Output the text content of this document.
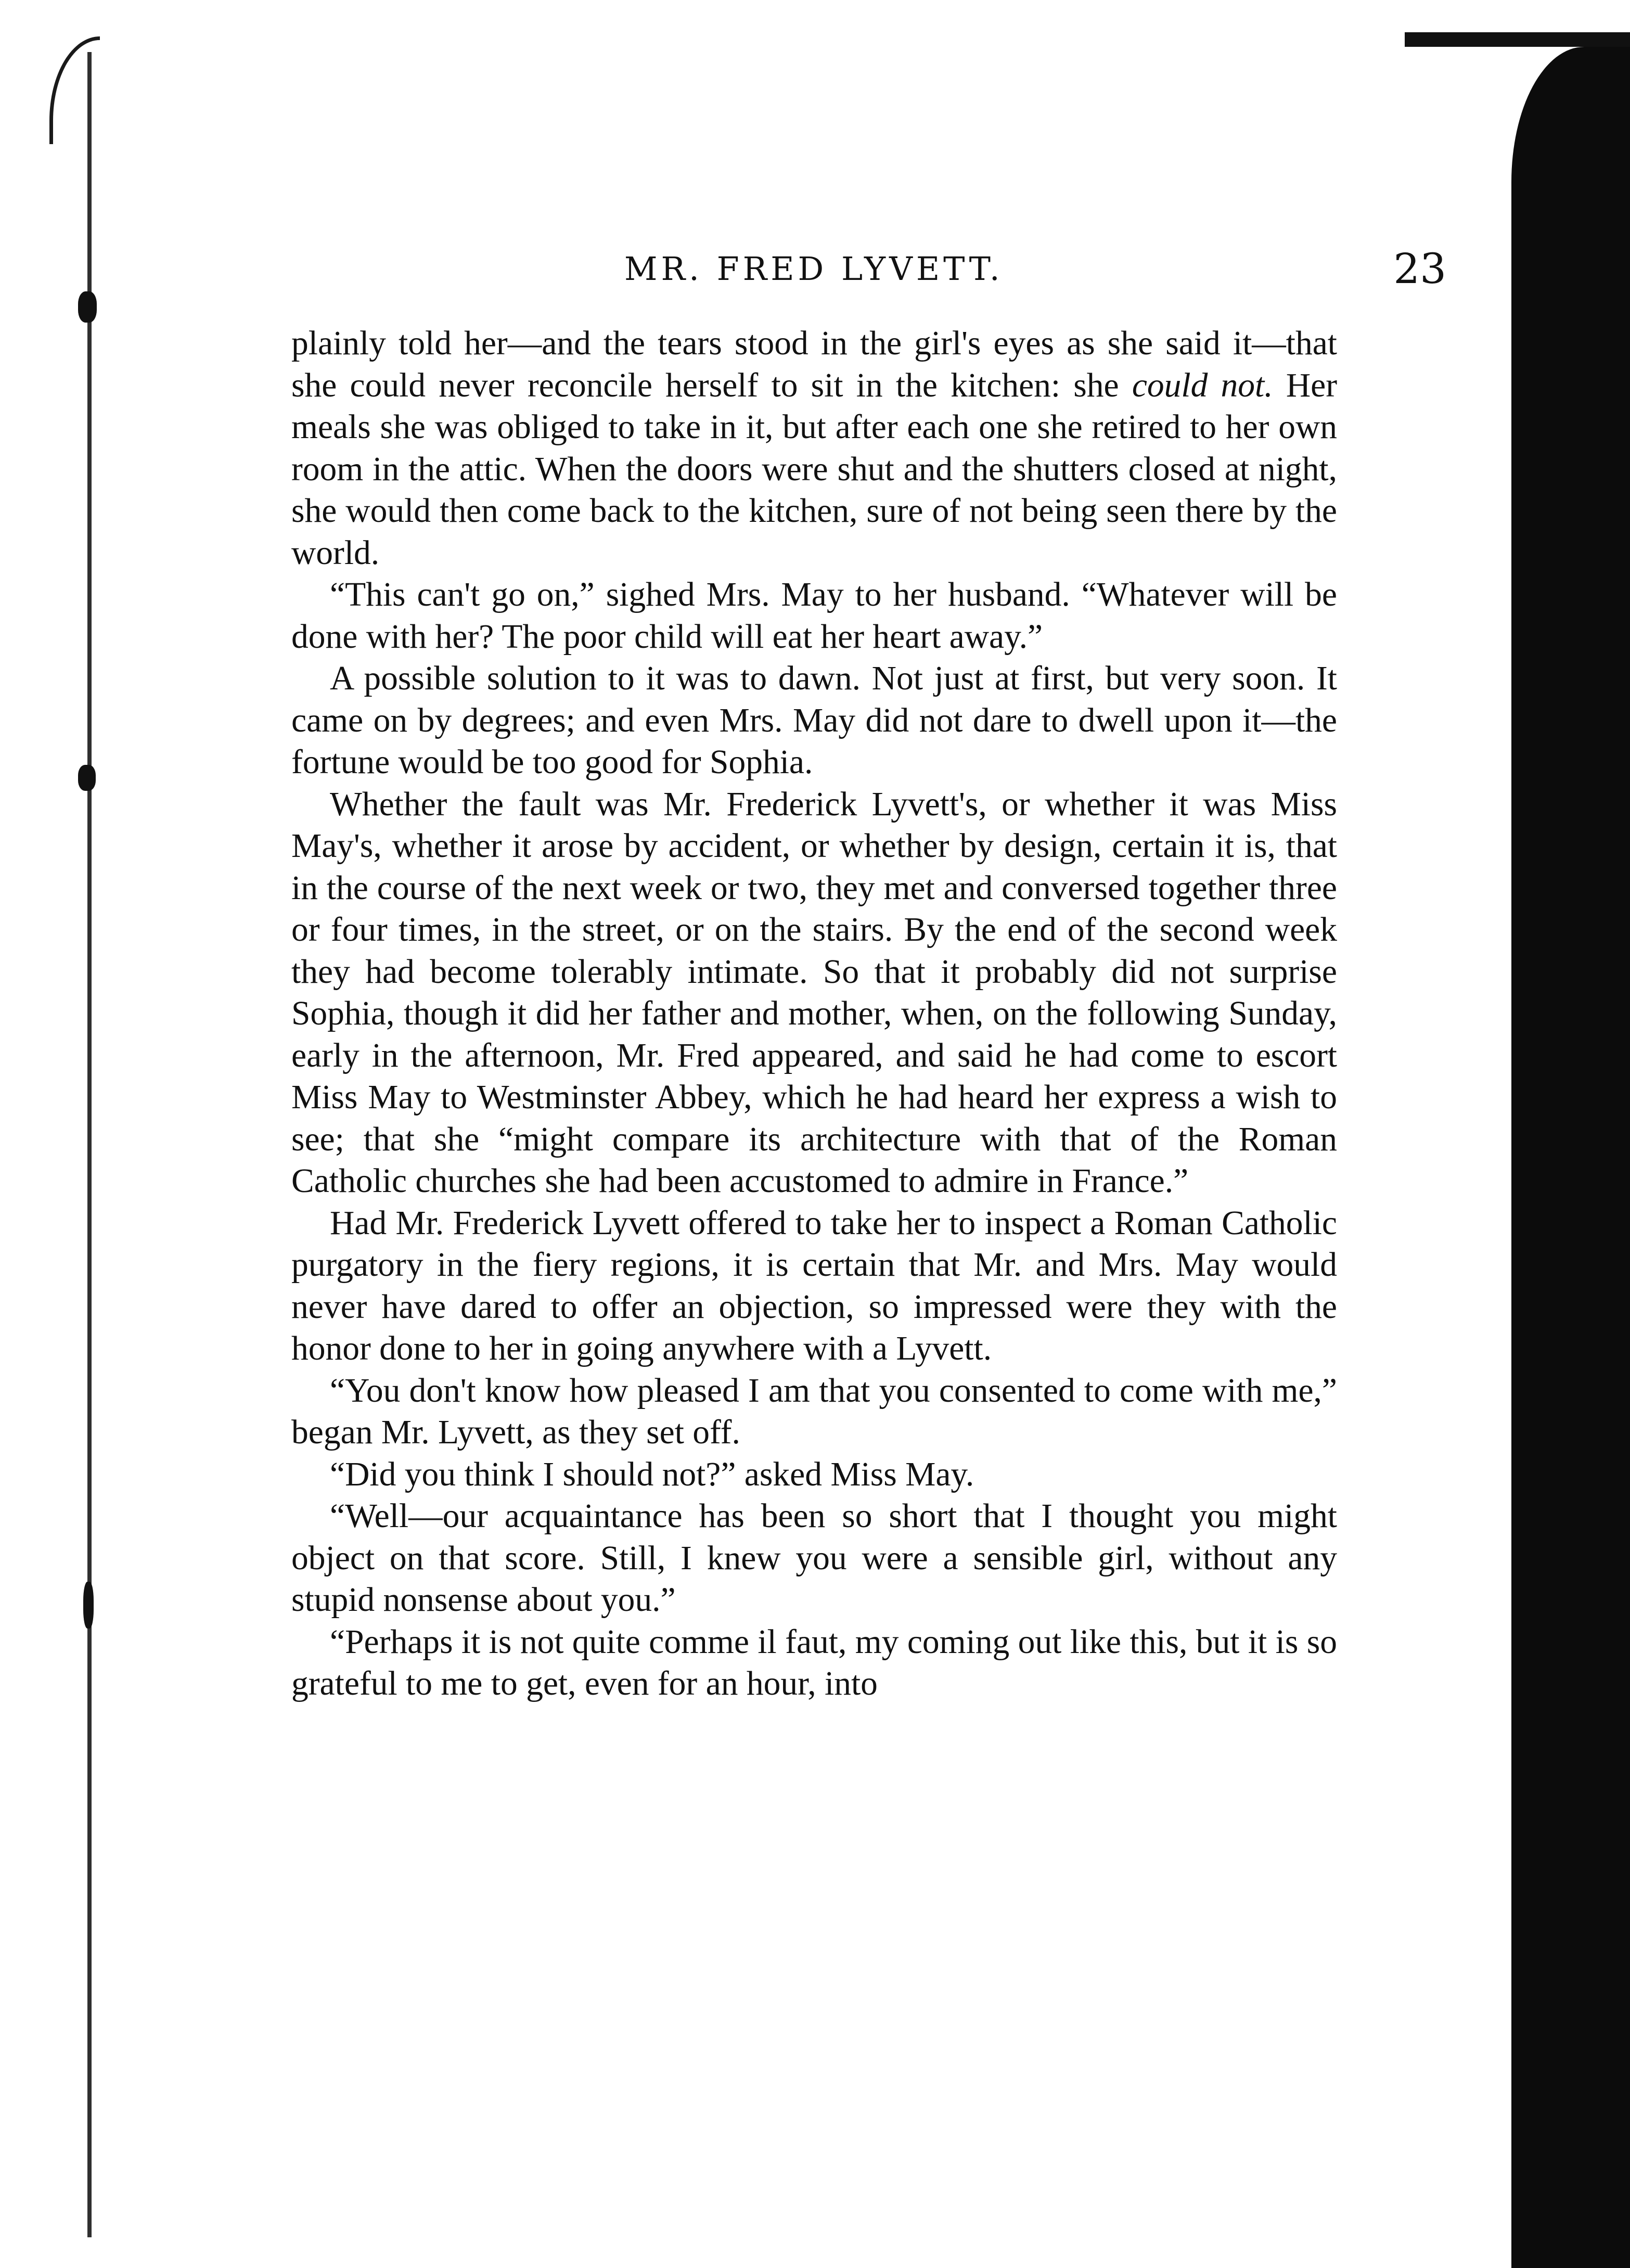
MR. FRED LYVETT.	23

plainly told her—and the tears stood in the girl's eyes as she said it—that she could never reconcile herself to sit in the kitchen: she could not. Her meals she was obliged to take in it, but after each one she retired to her own room in the attic. When the doors were shut and the shutters closed at night, she would then come back to the kitchen, sure of not being seen there by the world.

“This can't go on,” sighed Mrs. May to her husband. “Whatever will be done with her? The poor child will eat her heart away.”

A possible solution to it was to dawn. Not just at first, but very soon. It came on by degrees; and even Mrs. May did not dare to dwell upon it—the fortune would be too good for Sophia.

Whether the fault was Mr. Frederick Lyvett's, or whether it was Miss May's, whether it arose by accident, or whether by design, certain it is, that in the course of the next week or two, they met and conversed together three or four times, in the street, or on the stairs. By the end of the second week they had become tolerably intimate. So that it probably did not surprise Sophia, though it did her father and mother, when, on the following Sunday, early in the afternoon, Mr. Fred appeared, and said he had come to escort Miss May to Westminster Abbey, which he had heard her express a wish to see; that she “might compare its architecture with that of the Roman Catholic churches she had been accustomed to admire in France.”

Had Mr. Frederick Lyvett offered to take her to inspect a Roman Catholic purgatory in the fiery regions, it is certain that Mr. and Mrs. May would never have dared to offer an objection, so impressed were they with the honor done to her in going anywhere with a Lyvett.

“You don't know how pleased I am that you consented to come with me,” began Mr. Lyvett, as they set off.

“Did you think I should not?” asked Miss May.

“Well—our acquaintance has been so short that I thought you might object on that score. Still, I knew you were a sensible girl, without any stupid nonsense about you.”

“Perhaps it is not quite comme il faut, my coming out like this, but it is so grateful to me to get, even for an hour, into
